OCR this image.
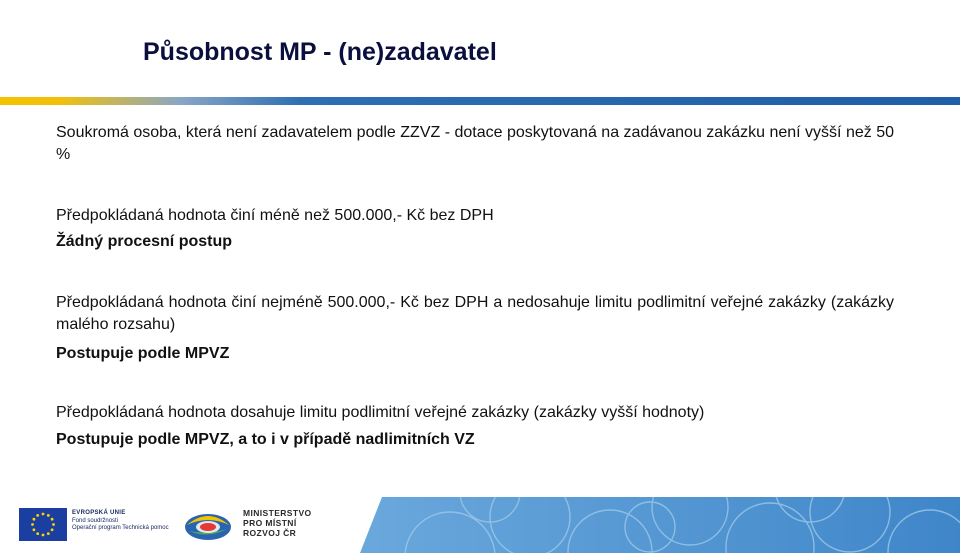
Působnost MP - (ne)zadavatel
Soukromá osoba, která není zadavatelem podle ZZVZ - dotace poskytovaná na zadávanou zakázku není vyšší než 50 %
Předpokládaná hodnota činí méně než 500.000,- Kč bez DPH
Žádný procesní postup
Předpokládaná hodnota činí nejméně 500.000,- Kč bez DPH a nedosahuje limitu podlimitní veřejné zakázky (zakázky malého rozsahu)
Postupuje podle MPVZ
Předpokládaná hodnota dosahuje limitu podlimitní veřejné zakázky (zakázky vyšší hodnoty)
Postupuje podle MPVZ, a to i v případě nadlimitních VZ
EVROPSKÁ UNIE
Fond soudržnosti
Operační program Technická pomoc
MINISTERSTVO
PRO MÍSTNÍ
ROZVOJ ČR
